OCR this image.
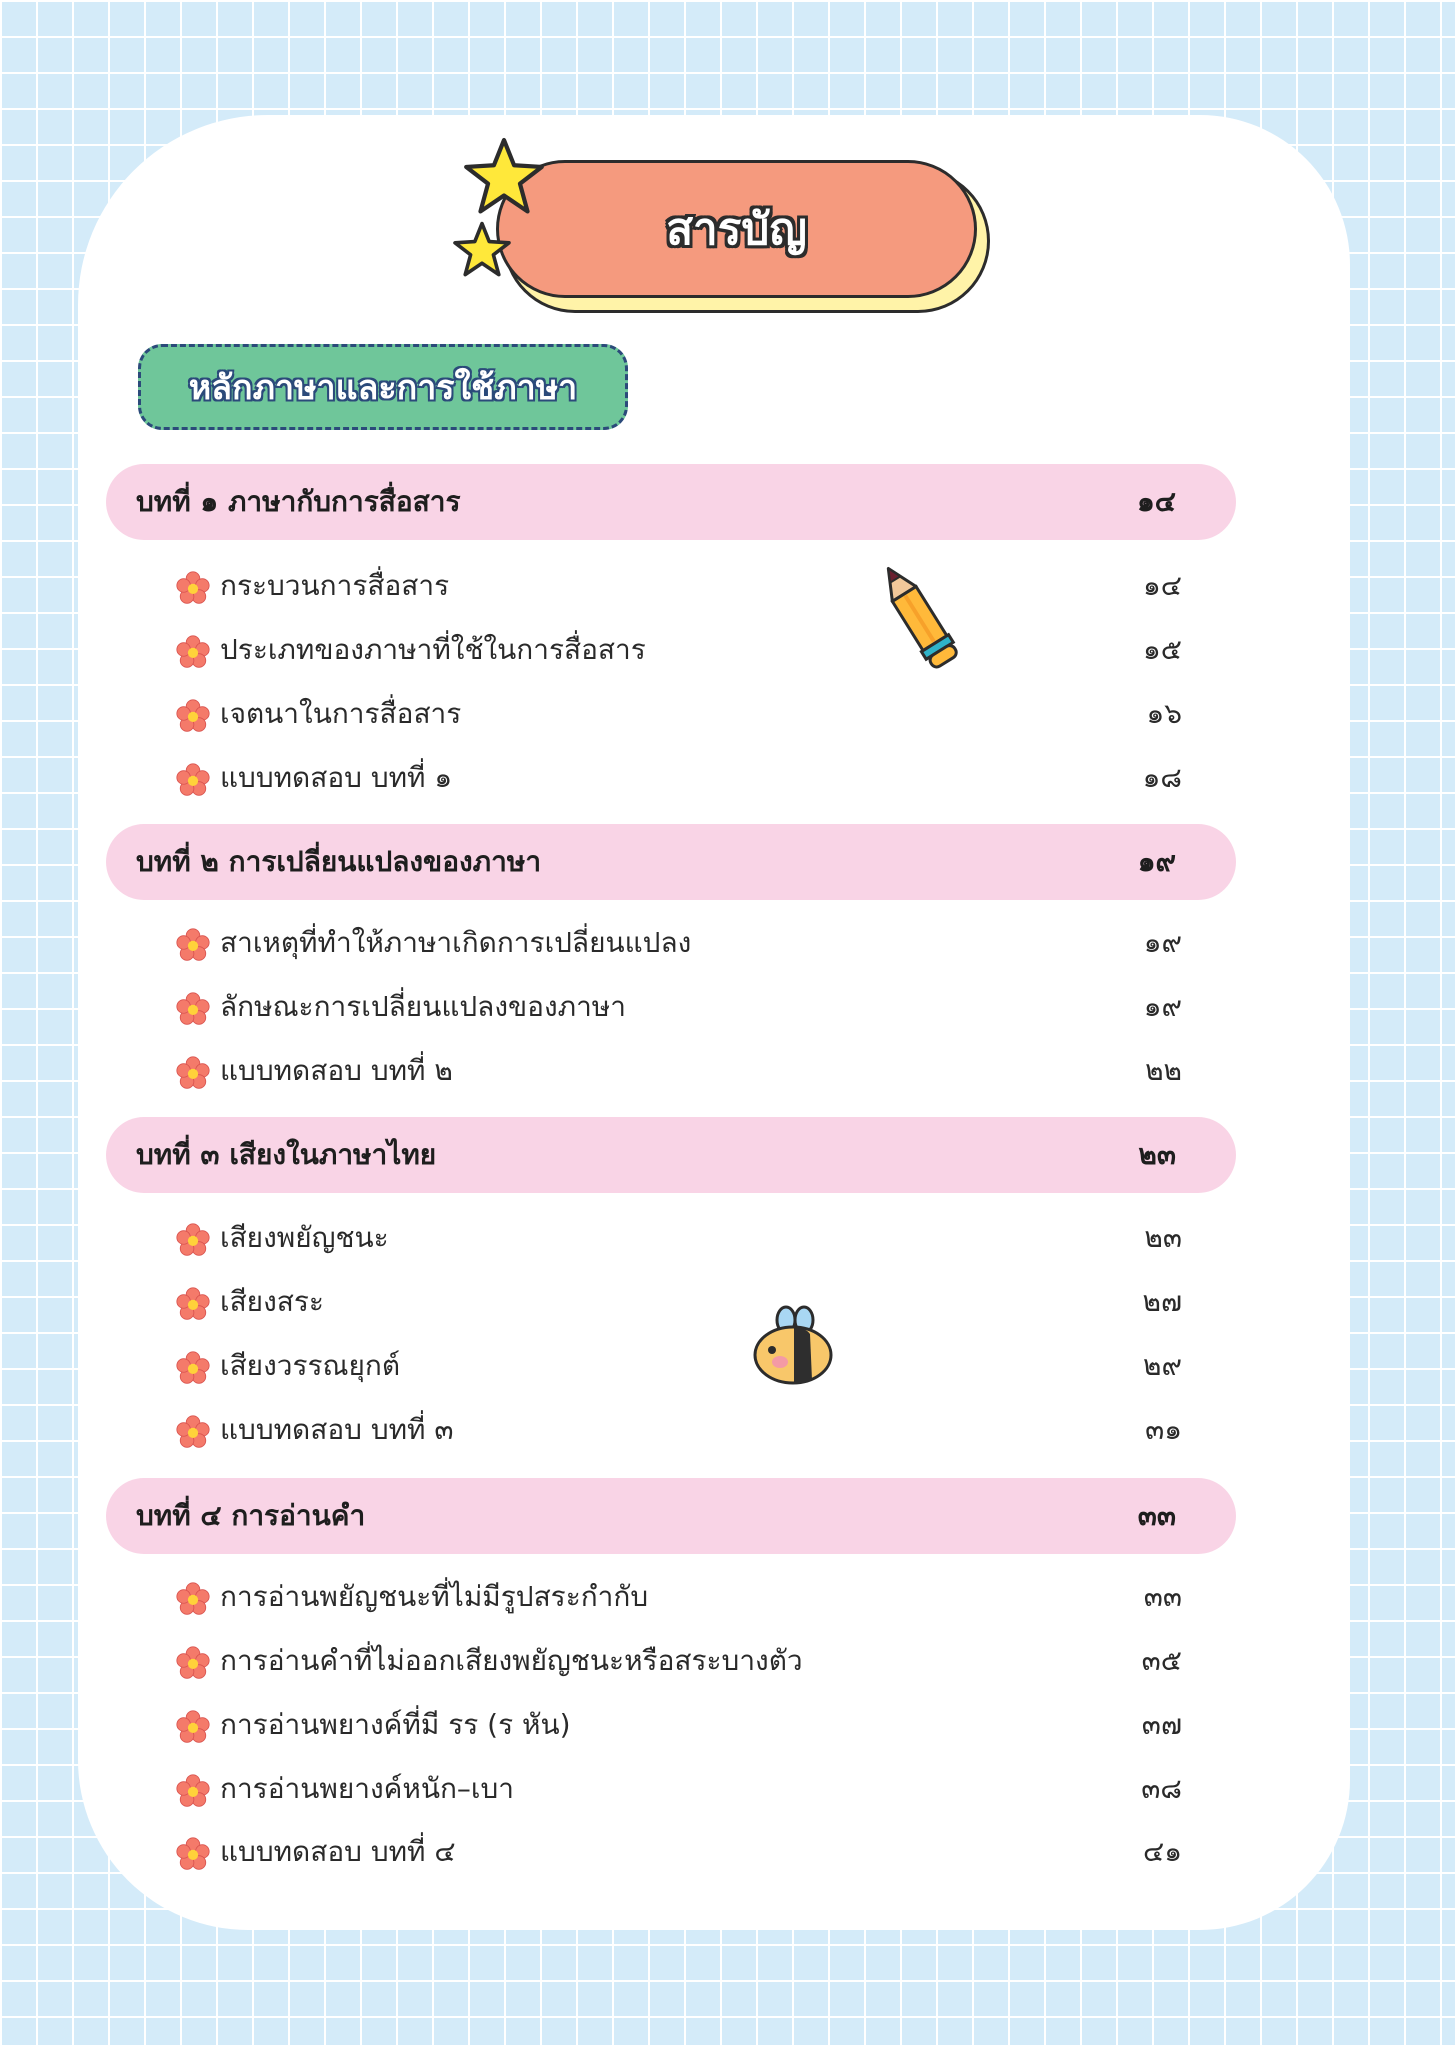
สารบัญ
หลักภาษาและการใช้ภาษา
บทที่ ๑ ภาษากับการสื่อสาร	๑๔
กระบวนการสื่อสาร	๑๔
ประเภทของภาษาที่ใช้ในการสื่อสาร	๑๕
เจตนาในการสื่อสาร	๑๖
แบบทดสอบ บทที่ ๑	๑๘
บทที่ ๒ การเปลี่ยนแปลงของภาษา	๑๙
สาเหตุที่ทำให้ภาษาเกิดการเปลี่ยนแปลง	๑๙
ลักษณะการเปลี่ยนแปลงของภาษา	๑๙
แบบทดสอบ บทที่ ๒	๒๒
บทที่ ๓ เสียงในภาษาไทย	๒๓
เสียงพยัญชนะ	๒๓
เสียงสระ	๒๗
เสียงวรรณยุกต์	๒๙
แบบทดสอบ บทที่ ๓	๓๑
บทที่ ๔ การอ่านคำ	๓๓
การอ่านพยัญชนะที่ไม่มีรูปสระกำกับ	๓๓
การอ่านคำที่ไม่ออกเสียงพยัญชนะหรือสระบางตัว	๓๕
การอ่านพยางค์ที่มี รร (ร หัน)	๓๗
การอ่านพยางค์หนัก–เบา	๓๘
แบบทดสอบ บทที่ ๔	๔๑
